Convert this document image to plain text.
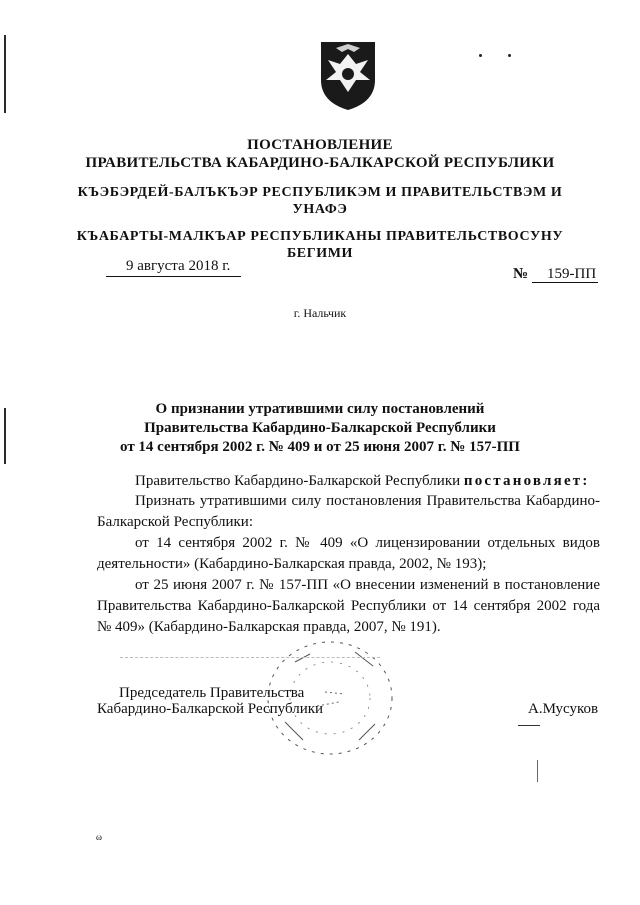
ПОСТАНОВЛЕНИЕ
ПРАВИТЕЛЬСТВА КАБАРДИНО-БАЛКАРСКОЙ РЕСПУБЛИКИ
КЪЭБЭРДЕЙ-БАЛЪКЪЭР РЕСПУБЛИКЭМ И ПРАВИТЕЛЬСТВЭМ И
УНАФЭ
КЪАБАРТЫ-МАЛКЪАР РЕСПУБЛИКАНЫ ПРАВИТЕЛЬСТВОСУНУ
БЕГИМИ
9 августа 2018 г.	№ 159-ПП
г. Нальчик
О признании утратившими силу постановлений
Правительства Кабардино-Балкарской Республики
от 14 сентября 2002 г. № 409 и от 25 июня 2007 г. № 157-ПП
Правительство Кабардино-Балкарской Республики постановляет:
Признать утратившими силу постановления Правительства Кабардино-Балкарской Республики:
от 14 сентября 2002 г. № 409 «О лицензировании отдельных видов деятельности» (Кабардино-Балкарская правда, 2002, № 193);
от 25 июня 2007 г. № 157-ПП «О внесении изменений в постановление Правительства Кабардино-Балкарской Республики от 14 сентября 2002 года № 409» (Кабардино-Балкарская правда, 2007, № 191).
Председатель Правительства
Кабардино-Балкарской Республики	А.Мусуков
ω
